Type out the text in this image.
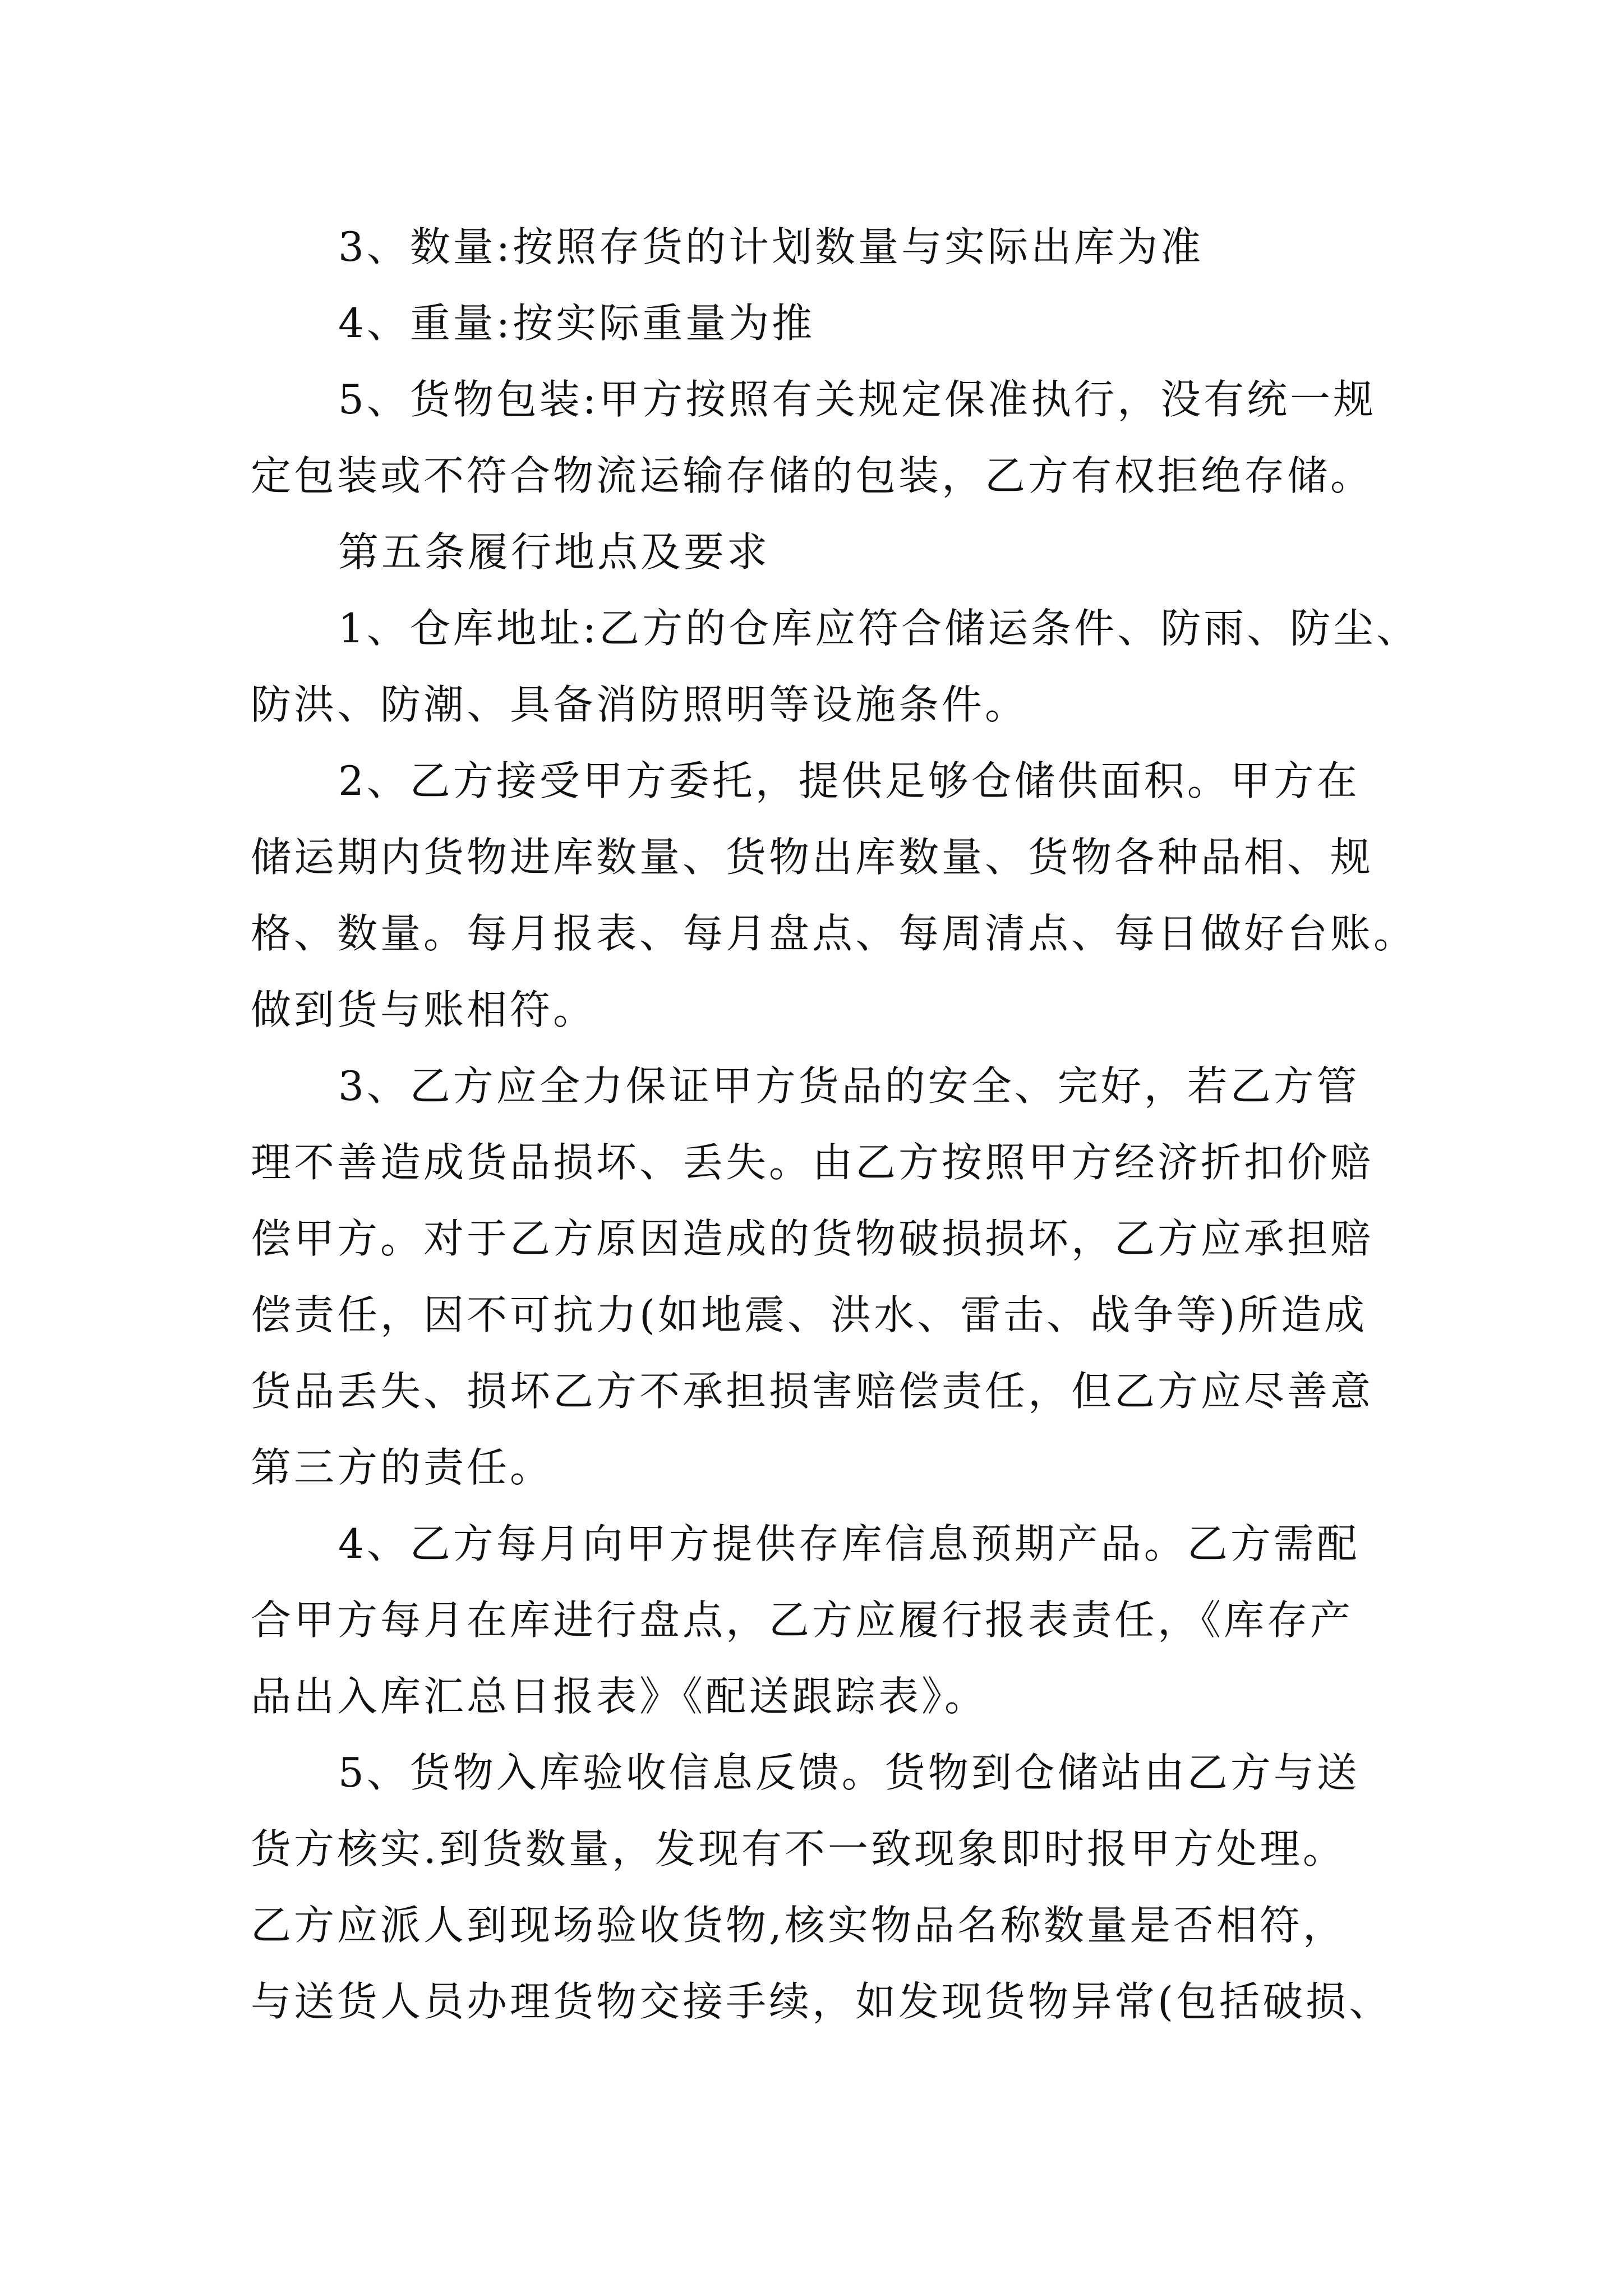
3、数量:按照存货的计划数量与实际出库为准
4、重量:按实际重量为推
5、货物包装:甲方按照有关规定保准执行，没有统一规
定包装或不符合物流运输存储的包装，乙方有权拒绝存储。
第五条履行地点及要求
1、仓库地址:乙方的仓库应符合储运条件、防雨、防尘、
防洪、防潮、具备消防照明等设施条件。
2、乙方接受甲方委托，提供足够仓储供面积。甲方在
储运期内货物进库数量、货物出库数量、货物各种品相、规
格、数量。每月报表、每月盘点、每周清点、每日做好台账。
做到货与账相符。
3、乙方应全力保证甲方货品的安全、完好，若乙方管
理不善造成货品损坏、丢失。由乙方按照甲方经济折扣价赔
偿甲方。对于乙方原因造成的货物破损损坏，乙方应承担赔
偿责任，因不可抗力(如地震、洪水、雷击、战争等)所造成
货品丢失、损坏乙方不承担损害赔偿责任，但乙方应尽善意
第三方的责任。
4、乙方每月向甲方提供存库信息预期产品。乙方需配
合甲方每月在库进行盘点，乙方应履行报表责任，《库存产
品出入库汇总日报表》《配送跟踪表》。
5、货物入库验收信息反馈。货物到仓储站由乙方与送
货方核实.到货数量，发现有不一致现象即时报甲方处理。
乙方应派人到现场验收货物,核实物品名称数量是否相符，
与送货人员办理货物交接手续，如发现货物异常(包括破损、
